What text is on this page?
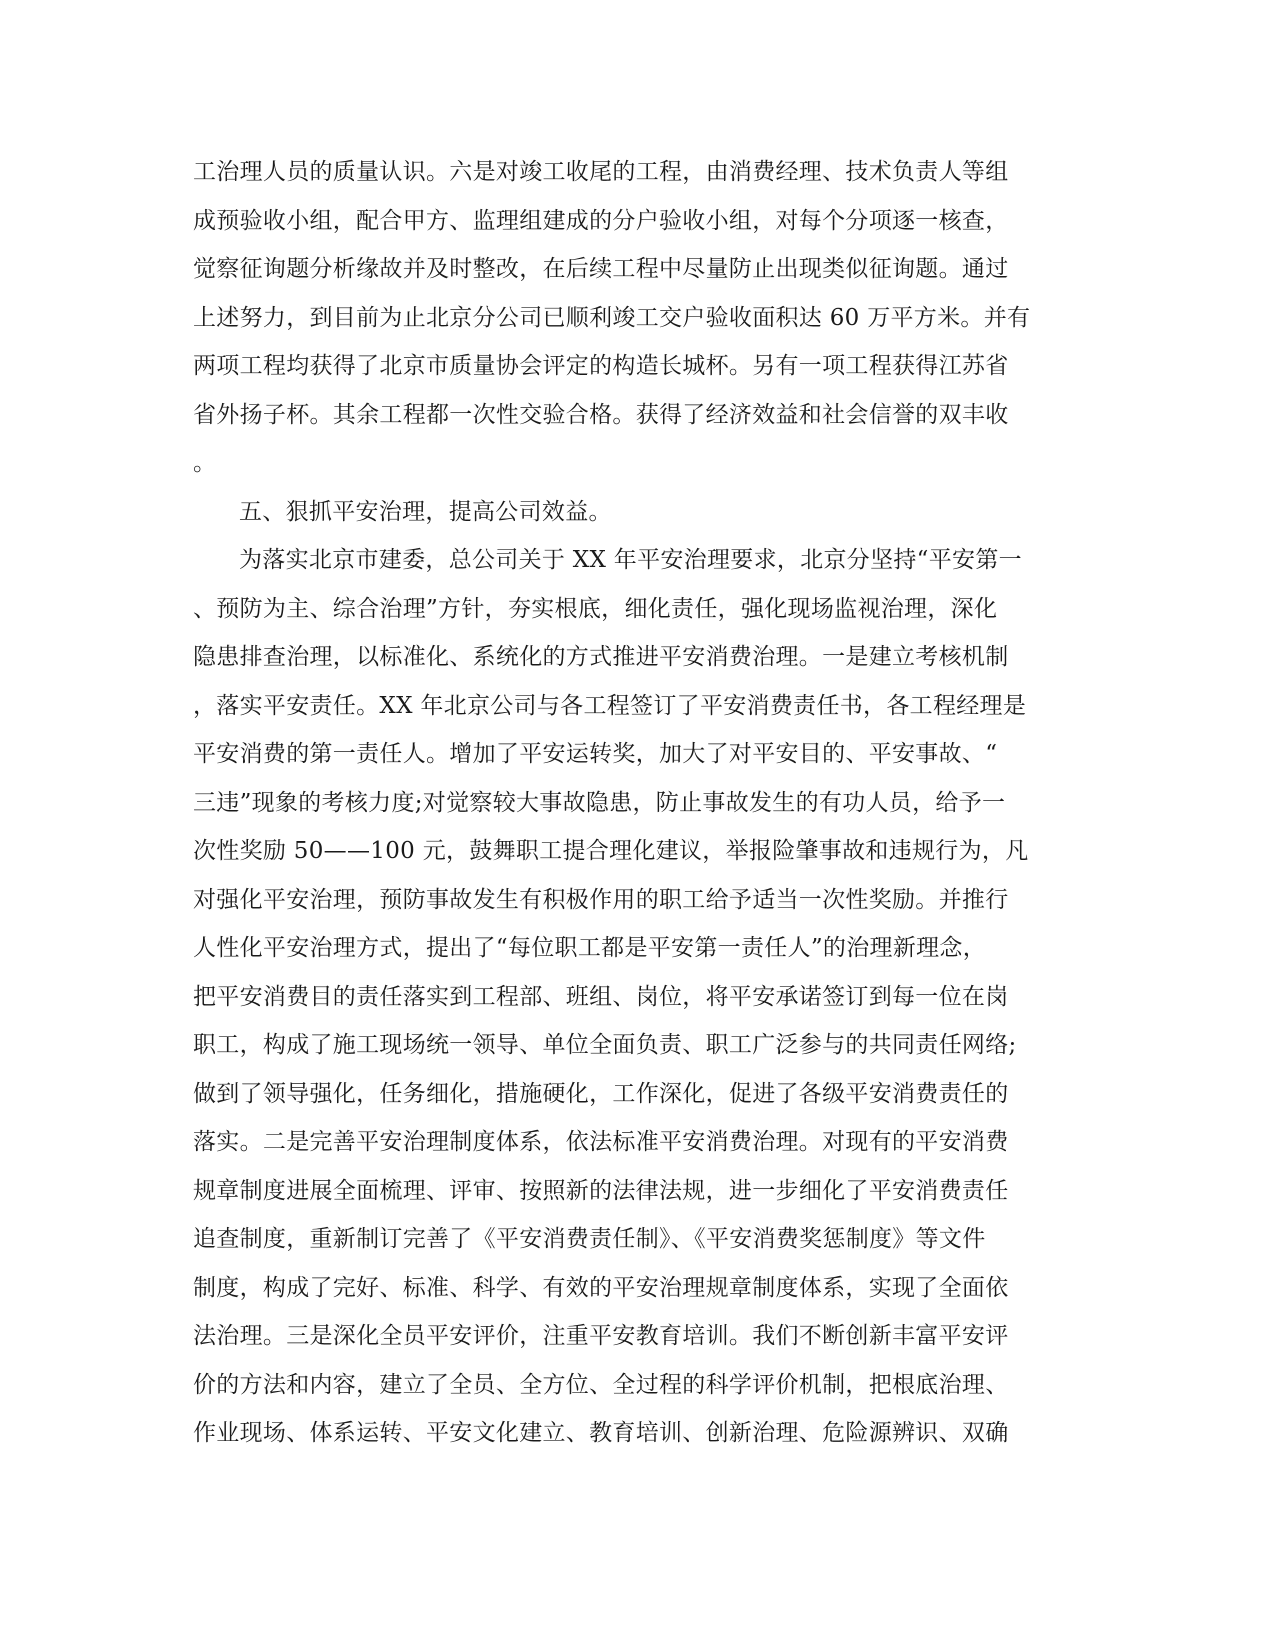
工治理人员的质量认识。六是对竣工收尾的工程，由消费经理、技术负责人等组
成预验收小组，配合甲方、监理组建成的分户验收小组，对每个分项逐一核查，
觉察征询题分析缘故并及时整改，在后续工程中尽量防止出现类似征询题。通过
上述努力，到目前为止北京分公司已顺利竣工交户验收面积达 60 万平方米。并有
两项工程均获得了北京市质量协会评定的构造长城杯。另有一项工程获得江苏省
省外扬子杯。其余工程都一次性交验合格。获得了经济效益和社会信誉的双丰收
。
五、狠抓平安治理，提高公司效益。
为落实北京市建委，总公司关于 XX 年平安治理要求，北京分坚持“平安第一
、预防为主、综合治理”方针，夯实根底，细化责任，强化现场监视治理，深化
隐患排查治理，以标准化、系统化的方式推进平安消费治理。一是建立考核机制
，落实平安责任。XX 年北京公司与各工程签订了平安消费责任书，各工程经理是
平安消费的第一责任人。增加了平安运转奖，加大了对平安目的、平安事故、“
三违”现象的考核力度;对觉察较大事故隐患，防止事故发生的有功人员，给予一
次性奖励 50——100 元，鼓舞职工提合理化建议，举报险肇事故和违规行为，凡
对强化平安治理，预防事故发生有积极作用的职工给予适当一次性奖励。并推行
人性化平安治理方式，提出了“每位职工都是平安第一责任人”的治理新理念，
把平安消费目的责任落实到工程部、班组、岗位，将平安承诺签订到每一位在岗
职工，构成了施工现场统一领导、单位全面负责、职工广泛参与的共同责任网络;
做到了领导强化，任务细化，措施硬化，工作深化，促进了各级平安消费责任的
落实。二是完善平安治理制度体系，依法标准平安消费治理。对现有的平安消费
规章制度进展全面梳理、评审、按照新的法律法规，进一步细化了平安消费责任
追查制度，重新制订完善了《平安消费责任制》、《平安消费奖惩制度》等文件
制度，构成了完好、标准、科学、有效的平安治理规章制度体系，实现了全面依
法治理。三是深化全员平安评价，注重平安教育培训。我们不断创新丰富平安评
价的方法和内容，建立了全员、全方位、全过程的科学评价机制，把根底治理、
作业现场、体系运转、平安文化建立、教育培训、创新治理、危险源辨识、双确
